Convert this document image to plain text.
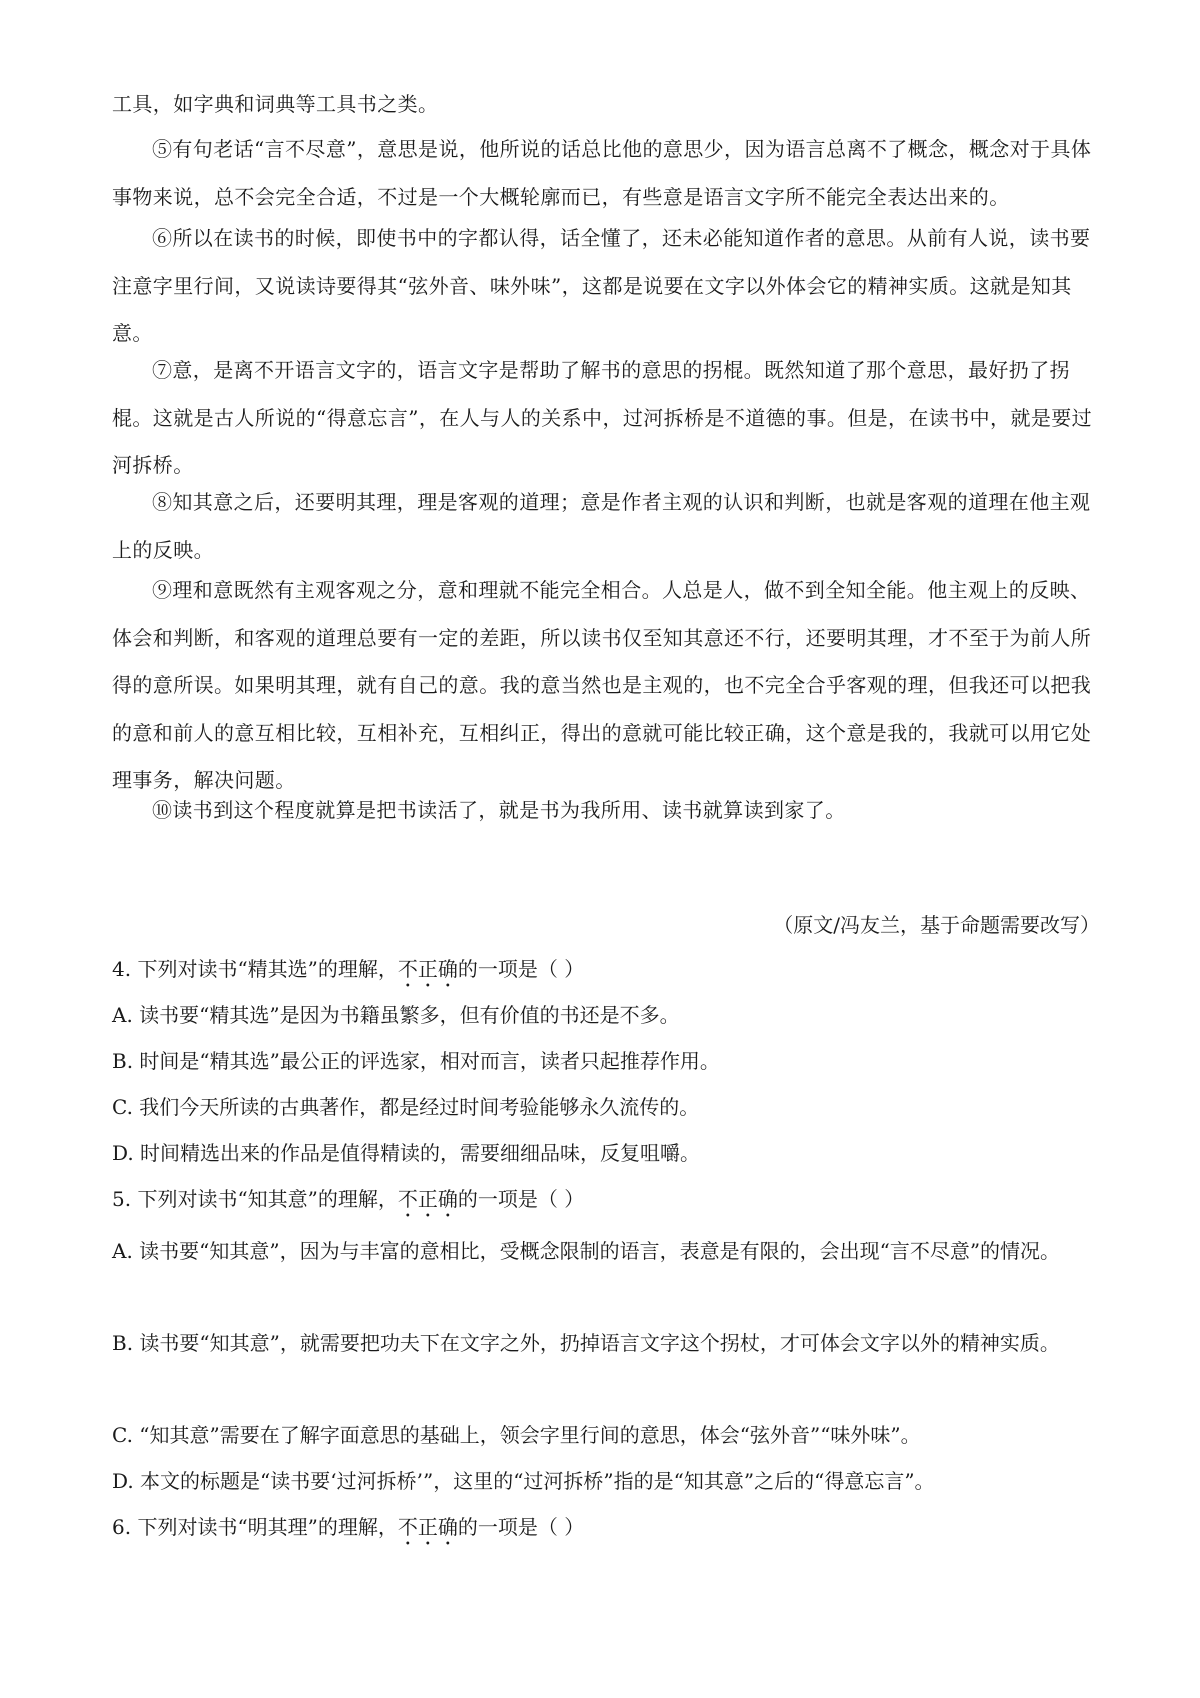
工具，如字典和词典等工具书之类。

⑤有句老话“言不尽意”，意思是说，他所说的话总比他的意思少，因为语言总离不了概念，概念对于具体事物来说，总不会完全合适，不过是一个大概轮廓而已，有些意是语言文字所不能完全表达出来的。

⑥所以在读书的时候，即使书中的字都认得，话全懂了，还未必能知道作者的意思。从前有人说，读书要注意字里行间，又说读诗要得其“弦外音、味外味”，这都是说要在文字以外体会它的精神实质。这就是知其意。

⑦意，是离不开语言文字的，语言文字是帮助了解书的意思的拐棍。既然知道了那个意思，最好扔了拐棍。这就是古人所说的“得意忘言”，在人与人的关系中，过河拆桥是不道德的事。但是，在读书中，就是要过河拆桥。

⑧知其意之后，还要明其理，理是客观的道理；意是作者主观的认识和判断，也就是客观的道理在他主观上的反映。

⑨理和意既然有主观客观之分，意和理就不能完全相合。人总是人，做不到全知全能。他主观上的反映、体会和判断，和客观的道理总要有一定的差距，所以读书仅至知其意还不行，还要明其理，才不至于为前人所得的意所误。如果明其理，就有自己的意。我的意当然也是主观的，也不完全合乎客观的理，但我还可以把我的意和前人的意互相比较，互相补充，互相纠正，得出的意就可能比较正确，这个意是我的，我就可以用它处理事务，解决问题。

⑩读书到这个程度就算是把书读活了，就是书为我所用、读书就算读到家了。

（原文/冯友兰，基于命题需要改写）

4. 下列对读书“精其选”的理解，不正确的一项是（ ）

A. 读书要“精其选”是因为书籍虽繁多，但有价值的书还是不多。

B. 时间是“精其选”最公正的评选家，相对而言，读者只起推荐作用。

C. 我们今天所读的古典著作，都是经过时间考验能够永久流传的。

D. 时间精选出来的作品是值得精读的，需要细细品味，反复咀嚼。

5. 下列对读书“知其意”的理解，不正确的一项是（ ）

A. 读书要“知其意”，因为与丰富的意相比，受概念限制的语言，表意是有限的，会出现“言不尽意”的情况。

B. 读书要“知其意”，就需要把功夫下在文字之外，扔掉语言文字这个拐杖，才可体会文字以外的精神实质。

C. “知其意”需要在了解字面意思的基础上，领会字里行间的意思，体会“弦外音”“味外味”。

D. 本文的标题是“读书要‘过河拆桥’”，这里的“过河拆桥”指的是“知其意”之后的“得意忘言”。

6. 下列对读书“明其理”的理解，不正确的一项是（ ）
